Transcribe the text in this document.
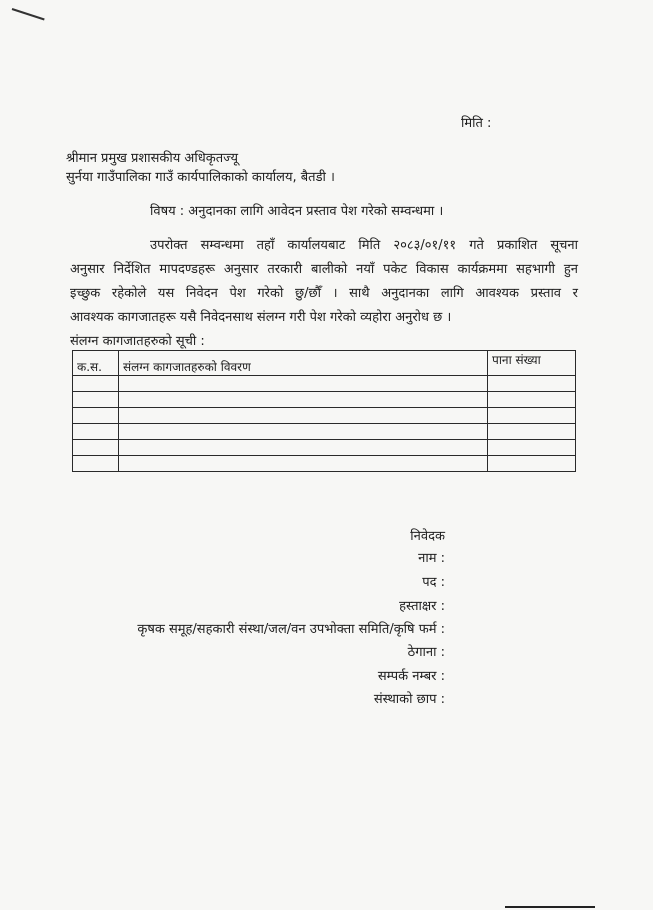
मिति :
श्रीमान प्रमुख प्रशासकीय अधिकृतज्यू
सुर्नया गाउँपालिका गाउँ कार्यपालिकाको कार्यालय, बैतडी ।
विषय : अनुदानका लागि आवेदन प्रस्ताव पेश गरेको सम्वन्धमा ।
उपरोक्त सम्वन्धमा तहाँ कार्यालयबाट मिति २०८३/०१/११ गते प्रकाशित सूचना
अनुसार निर्देशित मापदण्डहरू अनुसार तरकारी बालीको नयाँ पकेट विकास कार्यक्रममा सहभागी हुन
इच्छुक रहेकोले यस निवेदन पेश गरेको छु/छौँ । साथै अनुदानका लागि आवश्यक प्रस्ताव र
आवश्यक कागजातहरू यसै निवेदनसाथ संलग्न गरी पेश गरेको व्यहोरा अनुरोध छ ।
संलग्न कागजातहरुको सूची :
क.स.	संलग्न कागजातहरुको विवरण	पाना संख्या

निवेदक
नाम :
पद :
हस्ताक्षर :
कृषक समूह/सहकारी संस्था/जल/वन उपभोक्ता समिति/कृषि फर्म :
ठेगाना :
सम्पर्क नम्बर :
संस्थाको छाप :
